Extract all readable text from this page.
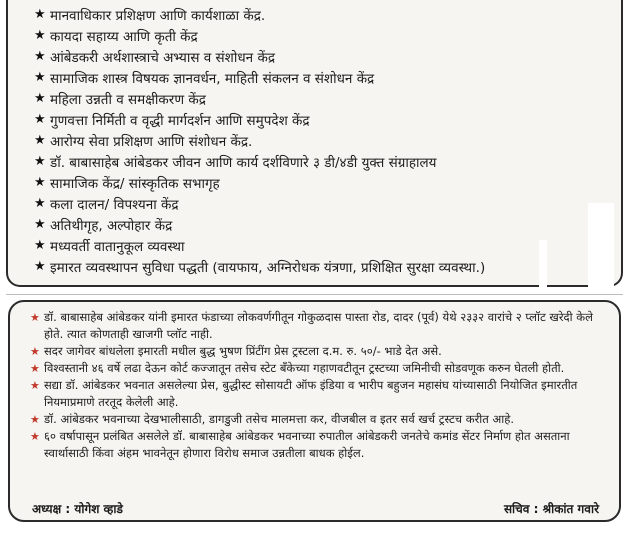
★ मानवाधिकार प्रशिक्षण आणि कार्यशाळा केंद्र.
★ कायदा सहाय्य आणि कृती केंद्र
★ आंबेडकरी अर्थशास्त्राचे अभ्यास व संशोधन केंद्र
★ सामाजिक शास्त्र विषयक ज्ञानवर्धन, माहिती संकलन व संशोधन केंद्र
★ महिला उन्नती व समक्षीकरण केंद्र
★ गुणवत्ता निर्मिती व वृद्धी मार्गदर्शन आणि समुपदेश केंद्र
★ आरोग्य सेवा प्रशिक्षण आणि संशोधन केंद्र.
★ डॉ. बाबासाहेब आंबेडकर जीवन आणि कार्य दर्शविणारे ३ डी/४डी युक्त संग्राहालय
★ सामाजिक केंद्र/ सांस्कृतिक सभागृह
★ कला दालन/ विपश्यना केंद्र
★ अतिथीगृह, अल्पोहार केंद्र
★ मध्यवर्ती वातानुकूल व्यवस्था
★ इमारत व्यवस्थापन सुविधा पद्धती (वायफाय, अग्निरोधक यंत्रणा, प्रशिक्षित सुरक्षा व्यवस्था.)
★ डॉ. बाबासाहेब आंबेडकर यांनी इमारत फंडाच्या लोकवर्णगीतून गोकुळदास पास्ता रोड, दादर (पूर्व) येथे २३३२ वारांचे २ प्लॉट खरेदी केले होते. त्यात कोणताही खाजगी प्लॉट नाही.
★ सदर जागेवर बांधलेला इमारती मधील बुद्ध भुषण प्रिंटींग प्रेस ट्रस्टला द.म. रु. ५०/- भाडे देत असे.
★ विश्वस्तानी ४६ वर्षे लढा देऊन कोर्ट कज्जातून तसेच स्टेट बँकेच्या गहाणवटीतून ट्रस्टच्या जमिनीची सोडवणूक करुन घेतली होती.
★ सद्या डॉ. आंबेडकर भवनात असलेल्या प्रेस, बुद्धीस्ट सोसायटी ऑफ इंडिया व भारीप बहुजन महासंघ यांच्यासाठी नियोजित इमारतीत नियमाप्रमाणे तरतूद केलेली आहे.
★ डॉ. आंबेडकर भवनाच्या देखभालीसाठी, डागडुजी तसेच मालमत्ता कर, वीजबील व इतर सर्व खर्च ट्रस्टच करीत आहे.
★ ६० वर्षापासून प्रलंबित असलेले डॉ. बाबासाहेब आंबेडकर भवनाच्या रुपातील आंबेडकरी जनतेचे कमांड सेंटर निर्माण होत असताना स्वार्थासाठी किंवा अंहम भावनेतून होणारा विरोध समाज उन्नतीला बाधक होईल.
अध्यक्ष : योगेश व्हाडे	सचिव : श्रीकांत गवारे
